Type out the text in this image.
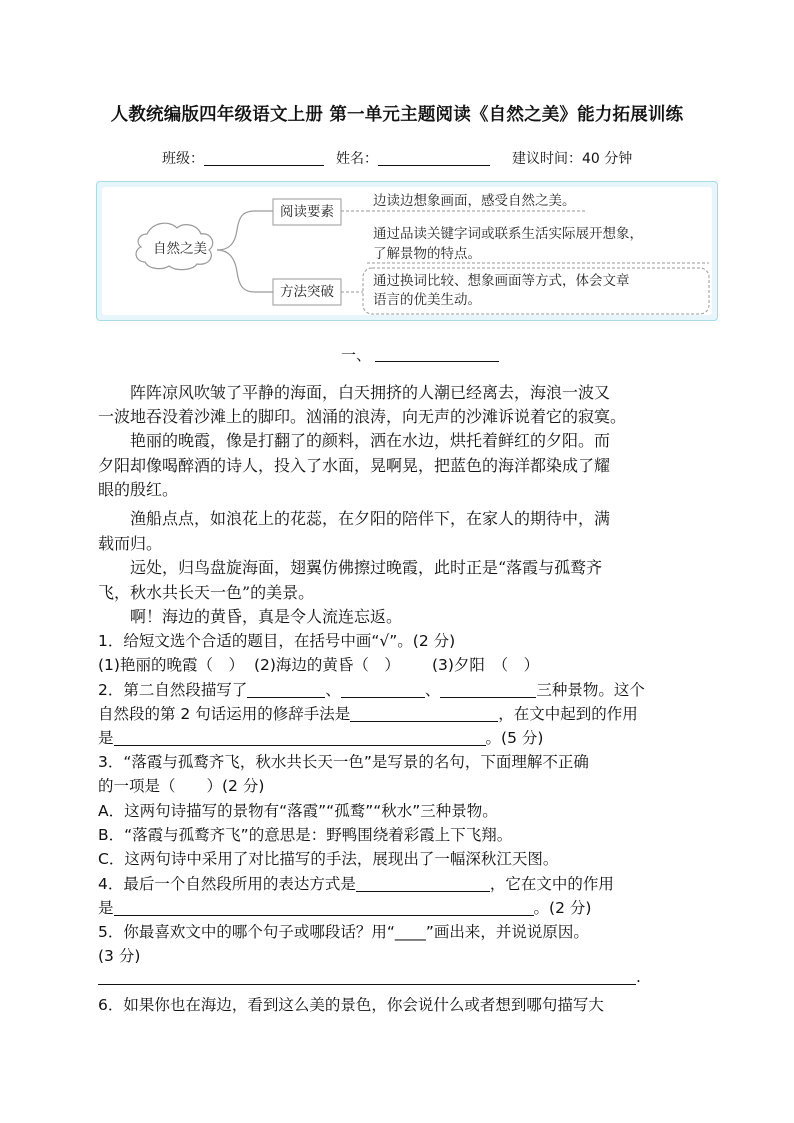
人教统编版四年级语文上册 第一单元主题阅读《自然之美》能力拓展训练
班级：	姓名：	建议时间：40 分钟
自然之美
阅读要素
方法突破
边读边想象画面，感受自然之美。
通过品读关键字词或联系生活实际展开想象，
了解景物的特点。
通过换词比较、想象画面等方式，体会文章
语言的优美生动。
一、
　　阵阵凉风吹皱了平静的海面，白天拥挤的人潮已经离去，海浪一波又
一波地吞没着沙滩上的脚印。汹涌的浪涛，向无声的沙滩诉说着它的寂寞。
　　艳丽的晚霞，像是打翻了的颜料，洒在水边，烘托着鲜红的夕阳。而
夕阳却像喝醉酒的诗人，投入了水面，晃啊晃，把蓝色的海洋都染成了耀
眼的殷红。
　　渔船点点，如浪花上的花蕊，在夕阳的陪伴下，在家人的期待中，满
载而归。
　　远处，归鸟盘旋海面，翅翼仿佛擦过晚霞，此时正是“落霞与孤鹜齐
飞，秋水共长天一色”的美景。
　　啊！海边的黄昏，真是令人流连忘返。
1．给短文选个合适的题目，在括号中画“√”。(2 分)
(1)艳丽的晚霞（　） (2)海边的黄昏（　） (3)夕阳　（　）
2．第二自然段描写了	、	、	三种景物。这个
自然段的第 2 句话运用的修辞手法是	，在文中起到的作用
是	。(5 分)
3．“落霞与孤鹜齐飞，秋水共长天一色”是写景的名句，下面理解不正确
的一项是（　　）(2 分)
A．这两句诗描写的景物有“落霞”“孤鹜”“秋水”三种景物。
B．“落霞与孤鹜齐飞”的意思是：野鸭围绕着彩霞上下飞翔。
C．这两句诗中采用了对比描写的手法，展现出了一幅深秋江天图。
4．最后一个自然段所用的表达方式是	，它在文中的作用
是	。(2 分)
5．你最喜欢文中的哪个句子或哪段话？用“____”画出来，并说说原因。
(3 分)
.
6．如果你也在海边，看到这么美的景色，你会说什么或者想到哪句描写大
